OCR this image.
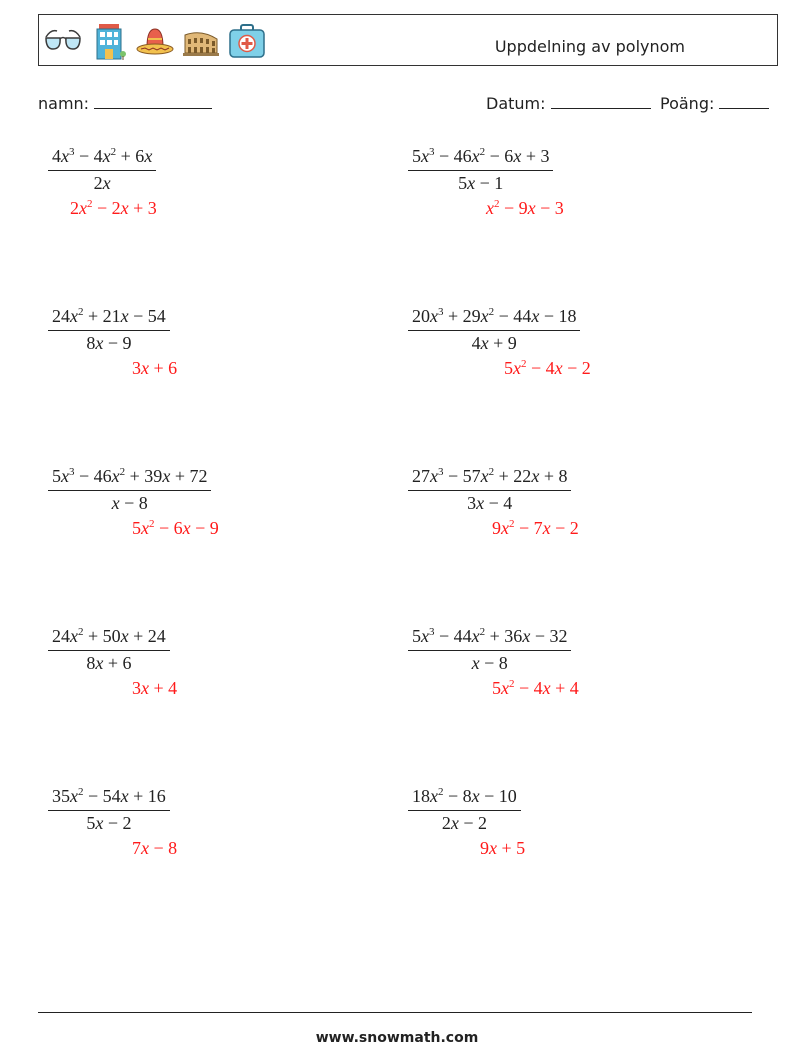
Uppdelning av polynom
namn:	Datum:	Poäng:
$\frac{4x^3 - 4x^2 + 6x}{2x}$
$2x^2 - 2x + 3$
$\frac{5x^3 - 46x^2 - 6x + 3}{5x - 1}$
$x^2 - 9x - 3$
$\frac{24x^2 + 21x - 54}{8x - 9}$
3x + 6
$\frac{20x^3 + 29x^2 - 44x - 18}{4x + 9}$
$5x^2 - 4x - 2$
$\frac{5x^3 - 46x^2 + 39x + 72}{x - 8}$
$5x^2 - 6x - 9$
$\frac{27x^3 - 57x^2 + 22x + 8}{3x - 4}$
$9x^2 - 7x - 2$
$\frac{24x^2 + 50x + 24}{8x + 6}$
3x + 4
$\frac{5x^3 - 44x^2 + 36x - 32}{x - 8}$
$5x^2 - 4x + 4$
$\frac{35x^2 - 54x + 16}{5x - 2}$
7x − 8
$\frac{18x^2 - 8x - 10}{2x - 2}$
9x + 5
www.snowmath.com
